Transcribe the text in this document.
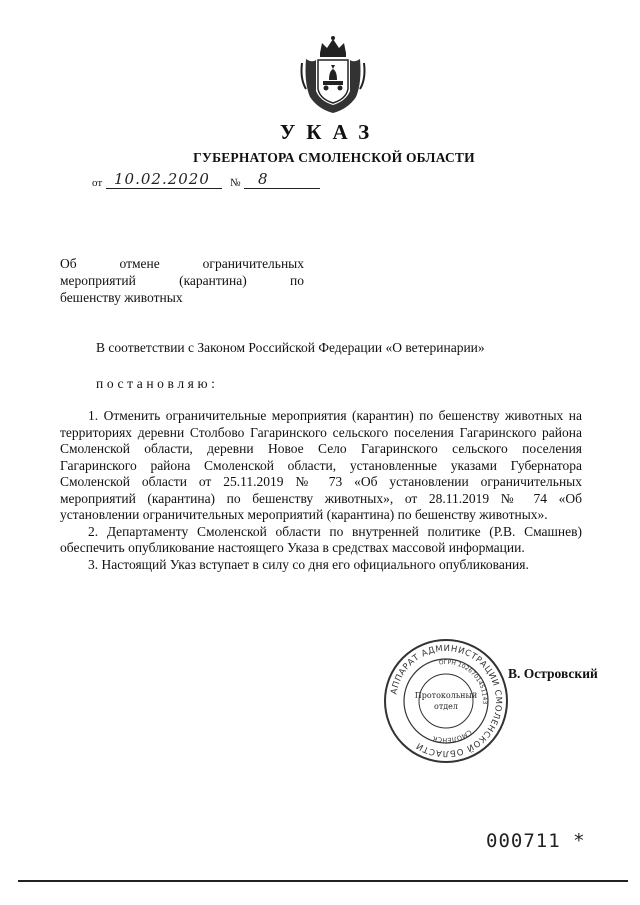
УКАЗ
ГУБЕРНАТОРА СМОЛЕНСКОЙ ОБЛАСТИ
от 10.02.2020 № 8
Об	отмене	ограничительных
мероприятий	(карантина)	по
бешенству животных
В соответствии с Законом Российской Федерации «О ветеринарии»
постановляю:

1. Отменить ограничительные мероприятия (карантин) по бешенству животных на территориях деревни Столбово Гагаринского сельского поселения Гагаринского района Смоленской области, деревни Новое Село Гагаринского сельского поселения Гагаринского района Смоленской области, установленные указами Губернатора Смоленской области от 25.11.2019 № 73 «Об установлении ограничительных мероприятий (карантина) по бешенству животных», от 28.11.2019 № 74 «Об установлении ограничительных мероприятий (карантина) по бешенству животных».

2. Департаменту Смоленской области по внутренней политике (Р.В. Смашнев) обеспечить опубликование настоящего Указа в средствах массовой информации.

3. Настоящий Указ вступает в силу со дня его официального опубликования.

АППАРАТ АДМИНИСТРАЦИИ СМОЛЕНСКОЙ ОБЛАСТИ
ОГРН 1026701451143
СМОЛЕНСК
Протокольный
отдел
В. Островский
000711 *
